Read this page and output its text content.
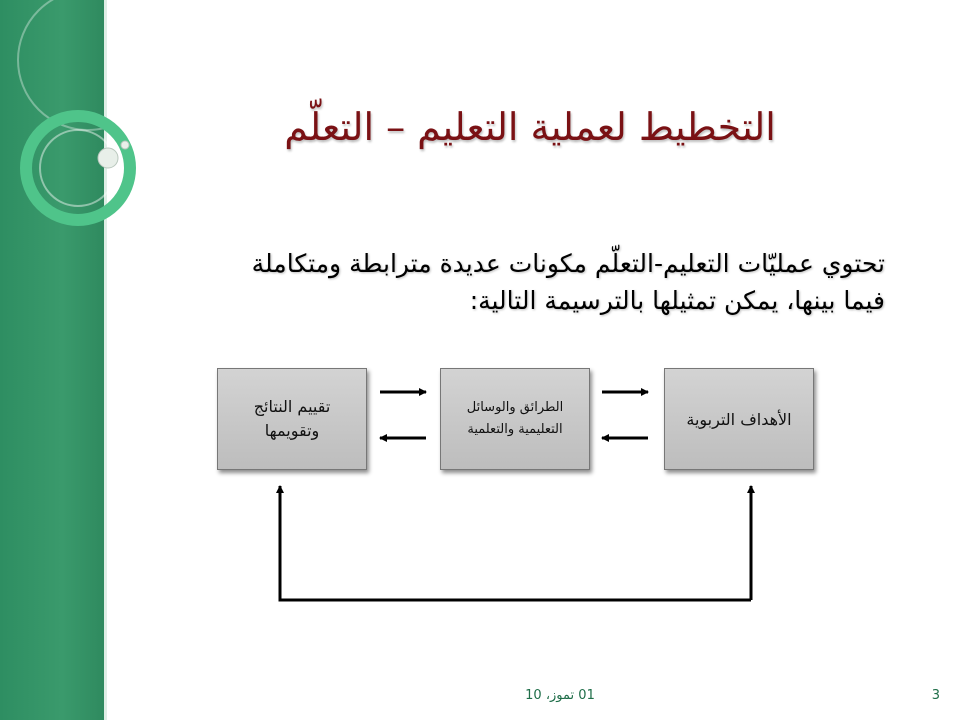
التخطيط لعملية التعليم – التعلّم
تحتوي عمليّات التعليم-التعلّم مكونات عديدة مترابطة ومتكاملة فيما بينها، يمكن تمثيلها بالترسيمة التالية:
الأهداف التربوية
الطرائق والوسائل التعليمية والتعلمية
تقييم النتائج وتقويمها
01 تموز، 10	3
